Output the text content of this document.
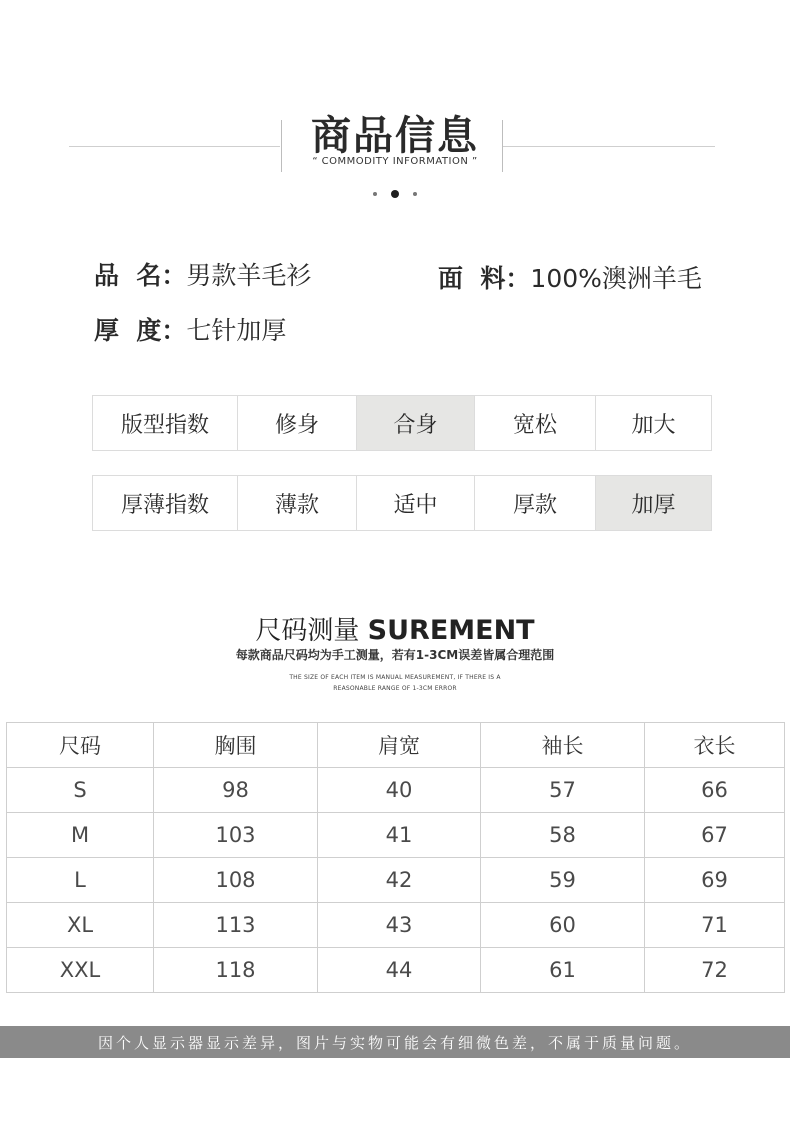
商品信息
“ COMMODITY INFORMATION ”
品  名：男款羊毛衫	面  料：100%澳洲羊毛
厚  度：七针加厚
版型指数	修身	合身	宽松	加大
厚薄指数	薄款	适中	厚款	加厚
尺码测量 SUREMENT
每款商品尺码均为手工测量，若有1-3CM误差皆属合理范围
THE SIZE OF EACH ITEM IS MANUAL MEASUREMENT, IF THERE IS A
REASONABLE RANGE OF 1-3CM ERROR
尺码	胸围	肩宽	袖长	衣长
S	98	40	57	66
M	103	41	58	67
L	108	42	59	69
XL	113	43	60	71
XXL	118	44	61	72
因个人显示器显示差异，图片与实物可能会有细微色差，不属于质量问题。
